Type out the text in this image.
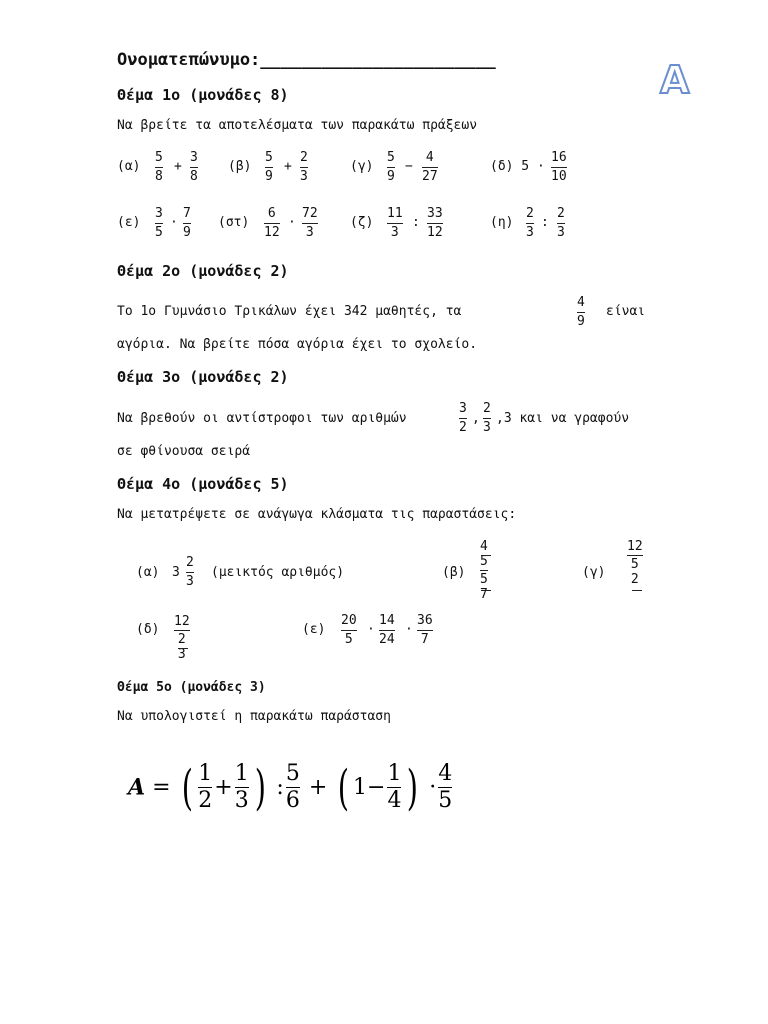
Ονοματεπώνυμο:_______________________	A
Θέμα 1ο (μονάδες 8)
Να βρείτε τα αποτελέσματα των παρακάτω πράξεων
(α)
5
8
+
3
8
(β)
5
9
+
2
3
(γ)
5
9
−
4
27
(δ) 5 ·
16
10
(ε)
3
5
·
7
9
(στ)
6
12
·
72
3
(ζ)
11
3
:
33
12
(η)
2
3
:
2
3
Θέμα 2ο (μονάδες 2)
Το 1ο Γυμνάσιο Τρικάλων έχει 342 μαθητές, τα
4
9
είναι
αγόρια. Να βρείτε πόσα αγόρια έχει το σχολείο.
Θέμα 3ο (μονάδες 2)
Να βρεθούν οι αντίστροφοι των αριθμών
3
2
,
2
3
,3 και να γραφούν
σε φθίνουσα σειρά
Θέμα 4ο (μονάδες 5)
Να μετατρέψετε σε ανάγωγα κλάσματα τις παραστάσεις:
(α) 3
2
3
(μεικτός αριθμός)	(β)
4
5
5
7
(γ)
12
5
2
(δ)
12
2
3
(ε)
20
5
·
14
24
·
36
7
Θέμα 5ο (μονάδες 3)
Να υπολογιστεί η παρακάτω παράσταση
A = ( $\frac{1}{2} + \frac{1}{3}$ ) : $\frac{5}{6}$ + ( $1- \frac{1}{4}$ ) · $\frac{4}{5}$
